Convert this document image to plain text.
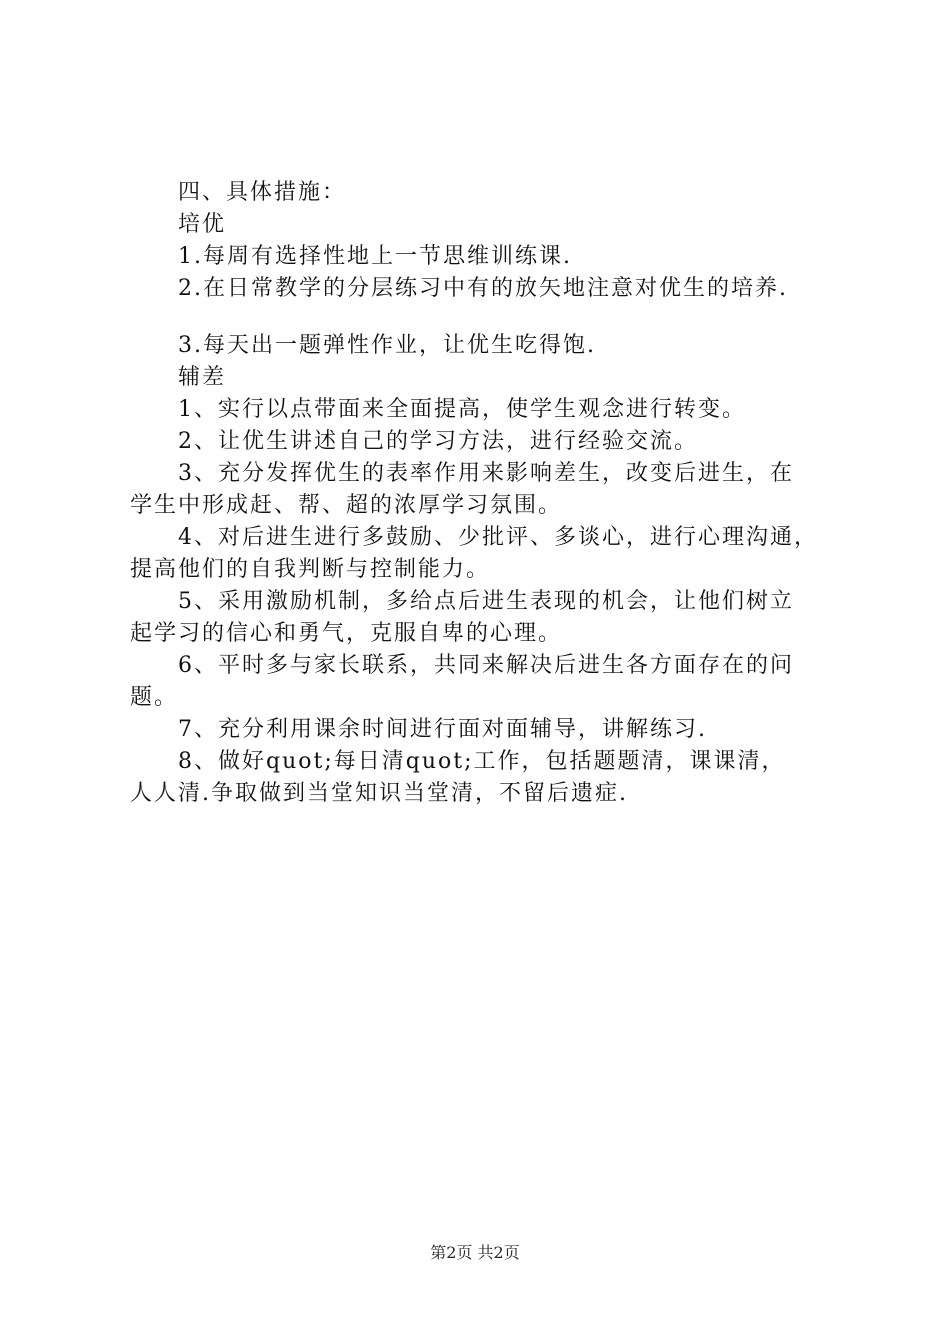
四、具体措施：
培优
1.每周有选择性地上一节思维训练课.
2.在日常教学的分层练习中有的放矢地注意对优生的培养.
3.每天出一题弹性作业，让优生吃得饱.
辅差
1、实行以点带面来全面提高，使学生观念进行转变。
2、让优生讲述自己的学习方法，进行经验交流。
3、充分发挥优生的表率作用来影响差生，改变后进生，在
学生中形成赶、帮、超的浓厚学习氛围。
4、对后进生进行多鼓励、少批评、多谈心，进行心理沟通，
提高他们的自我判断与控制能力。
5、采用激励机制，多给点后进生表现的机会，让他们树立
起学习的信心和勇气，克服自卑的心理。
6、平时多与家长联系，共同来解决后进生各方面存在的问
题。
7、充分利用课余时间进行面对面辅导，讲解练习.
8、做好quot;每日清quot;工作，包括题题清，课课清，
人人清.争取做到当堂知识当堂清，不留后遗症.
第2页 共2页
